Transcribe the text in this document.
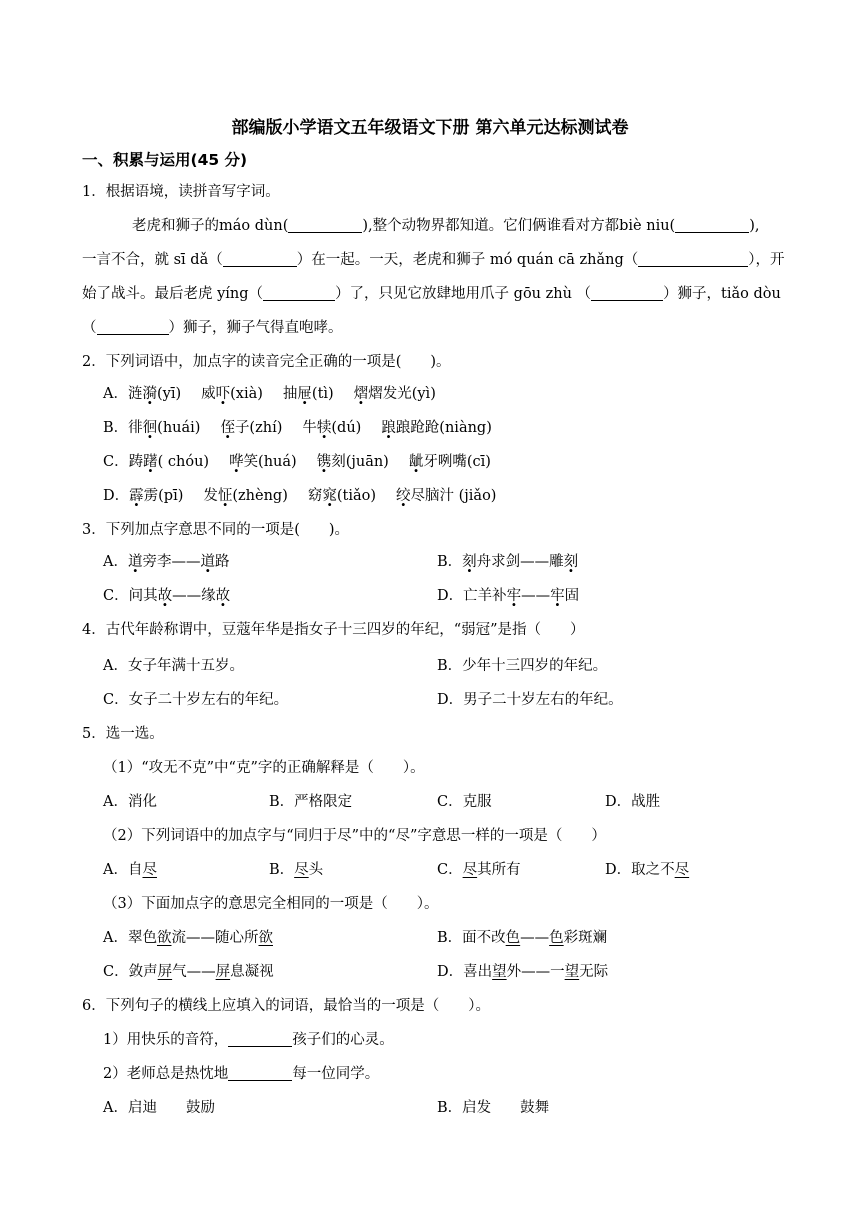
部编版小学语文五年级语文下册 第六单元达标测试卷
一、积累与运用(45 分)
1．根据语境，读拼音写字词。
老虎和狮子的máo dùn(	),整个动物界都知道。它们俩谁看对方都biè niu(	),
一言不合，就 sī dǎ（	）在一起。一天，老虎和狮子 mó quán cā zhǎng（	），开
始了战斗。最后老虎 yíng（	）了，只见它放肆地用爪子 gōu zhù （	）狮子，tiǎo dòu
（	）狮子，狮子气得直咆哮。
2．下列词语中，加点字的读音完全正确的一项是(　　)。
A．涟漪(yī) 威吓(xià) 抽屉(tì) 熠熠发光(yì)
B．徘徊(huái) 侄子(zhí) 牛犊(dú) 踉踉跄跄(niàng)
C．踌躇( chóu) 哗笑(huá) 镌刻(juān) 龇牙咧嘴(cī)
D．霹雳(pī) 发怔(zhèng) 窈窕(tiǎo) 绞尽脑汁 (jiǎo)
3．下列加点字意思不同的一项是(　　)。
A．道旁李——道路	B．刻舟求剑——雕刻
C．问其故——缘故	D．亡羊补牢——牢固
4．古代年龄称谓中，豆蔻年华是指女子十三四岁的年纪，“弱冠”是指（　　）
A．女子年满十五岁。	B．少年十三四岁的年纪。
C．女子二十岁左右的年纪。	D．男子二十岁左右的年纪。
5．选一选。
（1）“攻无不克”中“克”字的正确解释是（　　）。
A．消化	B．严格限定	C．克服	D．战胜
（2）下列词语中的加点字与“同归于尽”中的“尽”字意思一样的一项是（　　）
A．自尽	B．尽头	C．尽其所有	D．取之不尽
（3）下面加点字的意思完全相同的一项是（　　）。
A．翠色欲流——随心所欲	B．面不改色——色彩斑斓
C．敛声屏气——屏息凝视	D．喜出望外——一望无际
6．下列句子的横线上应填入的词语，最恰当的一项是（　　）。
1）用快乐的音符，	孩子们的心灵。
2）老师总是热忱地	每一位同学。
A．启迪　　鼓励	B．启发　　鼓舞
